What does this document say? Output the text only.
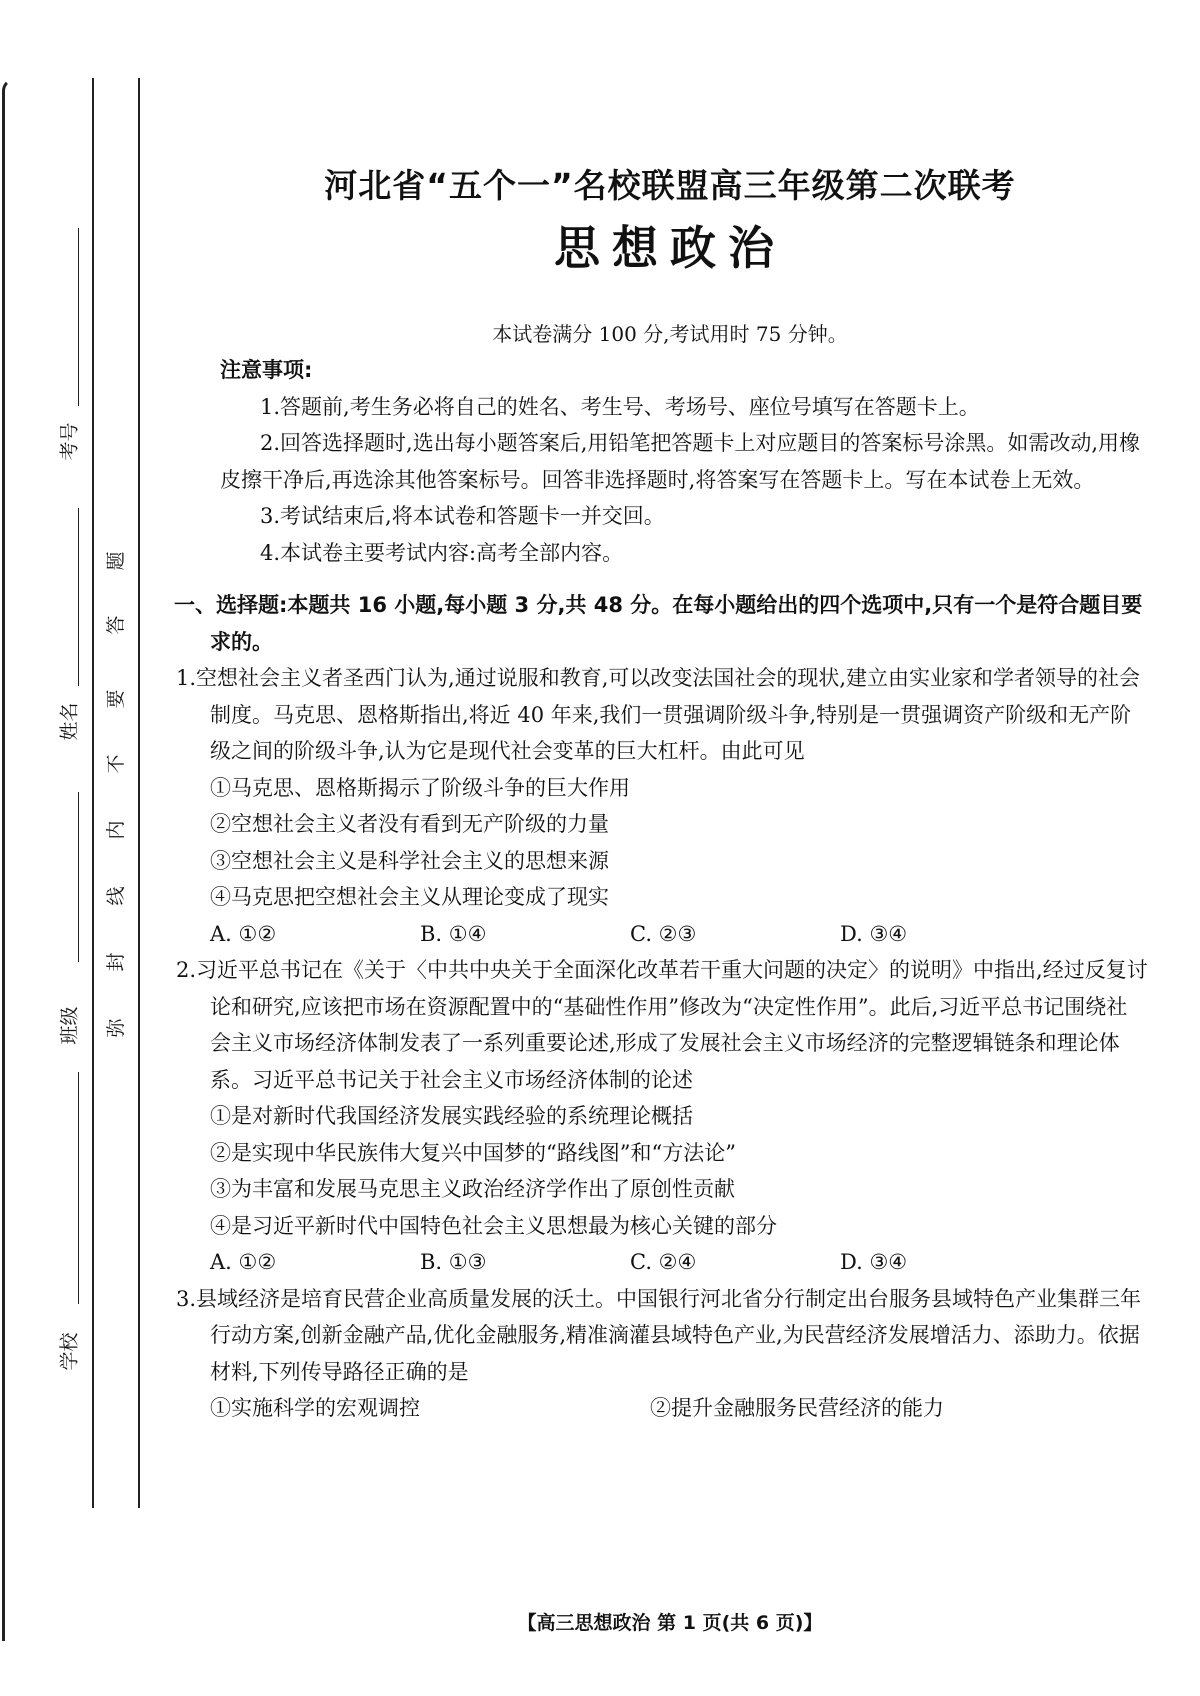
考号
姓名
班级
学校
题
答
要
不
内
线
封
弥
河北省“五个一”名校联盟高三年级第二次联考
思想政治
本试卷满分 100 分,考试用时 75 分钟。

注意事项:

1.答题前,考生务必将自己的姓名、考生号、考场号、座位号填写在答题卡上。

2.回答选择题时,选出每小题答案后,用铅笔把答题卡上对应题目的答案标号涂黑。如需改动,用橡皮擦干净后,再选涂其他答案标号。回答非选择题时,将答案写在答题卡上。写在本试卷上无效。

3.考试结束后,将本试卷和答题卡一并交回。

4.本试卷主要考试内容:高考全部内容。

一、选择题:本题共 16 小题,每小题 3 分,共 48 分。在每小题给出的四个选项中,只有一个是符合题目要求的。

1.空想社会主义者圣西门认为,通过说服和教育,可以改变法国社会的现状,建立由实业家和学者领导的社会制度。马克思、恩格斯指出,将近 40 年来,我们一贯强调阶级斗争,特别是一贯强调资产阶级和无产阶级之间的阶级斗争,认为它是现代社会变革的巨大杠杆。由此可见

①马克思、恩格斯揭示了阶级斗争的巨大作用

②空想社会主义者没有看到无产阶级的力量

③空想社会主义是科学社会主义的思想来源

④马克思把空想社会主义从理论变成了现实

A. ①②	B. ①④	C. ②③	D. ③④

2.习近平总书记在《关于〈中共中央关于全面深化改革若干重大问题的决定〉的说明》中指出,经过反复讨论和研究,应该把市场在资源配置中的“基础性作用”修改为“决定性作用”。此后,习近平总书记围绕社会主义市场经济体制发表了一系列重要论述,形成了发展社会主义市场经济的完整逻辑链条和理论体系。习近平总书记关于社会主义市场经济体制的论述

①是对新时代我国经济发展实践经验的系统理论概括

②是实现中华民族伟大复兴中国梦的“路线图”和“方法论”

③为丰富和发展马克思主义政治经济学作出了原创性贡献

④是习近平新时代中国特色社会主义思想最为核心关键的部分

A. ①②	B. ①③	C. ②④	D. ③④

3.县域经济是培育民营企业高质量发展的沃土。中国银行河北省分行制定出台服务县域特色产业集群三年行动方案,创新金融产品,优化金融服务,精准滴灌县域特色产业,为民营经济发展增活力、添助力。依据材料,下列传导路径正确的是

①实施科学的宏观调控	②提升金融服务民营经济的能力
【高三思想政治 第 1 页(共 6 页)】
